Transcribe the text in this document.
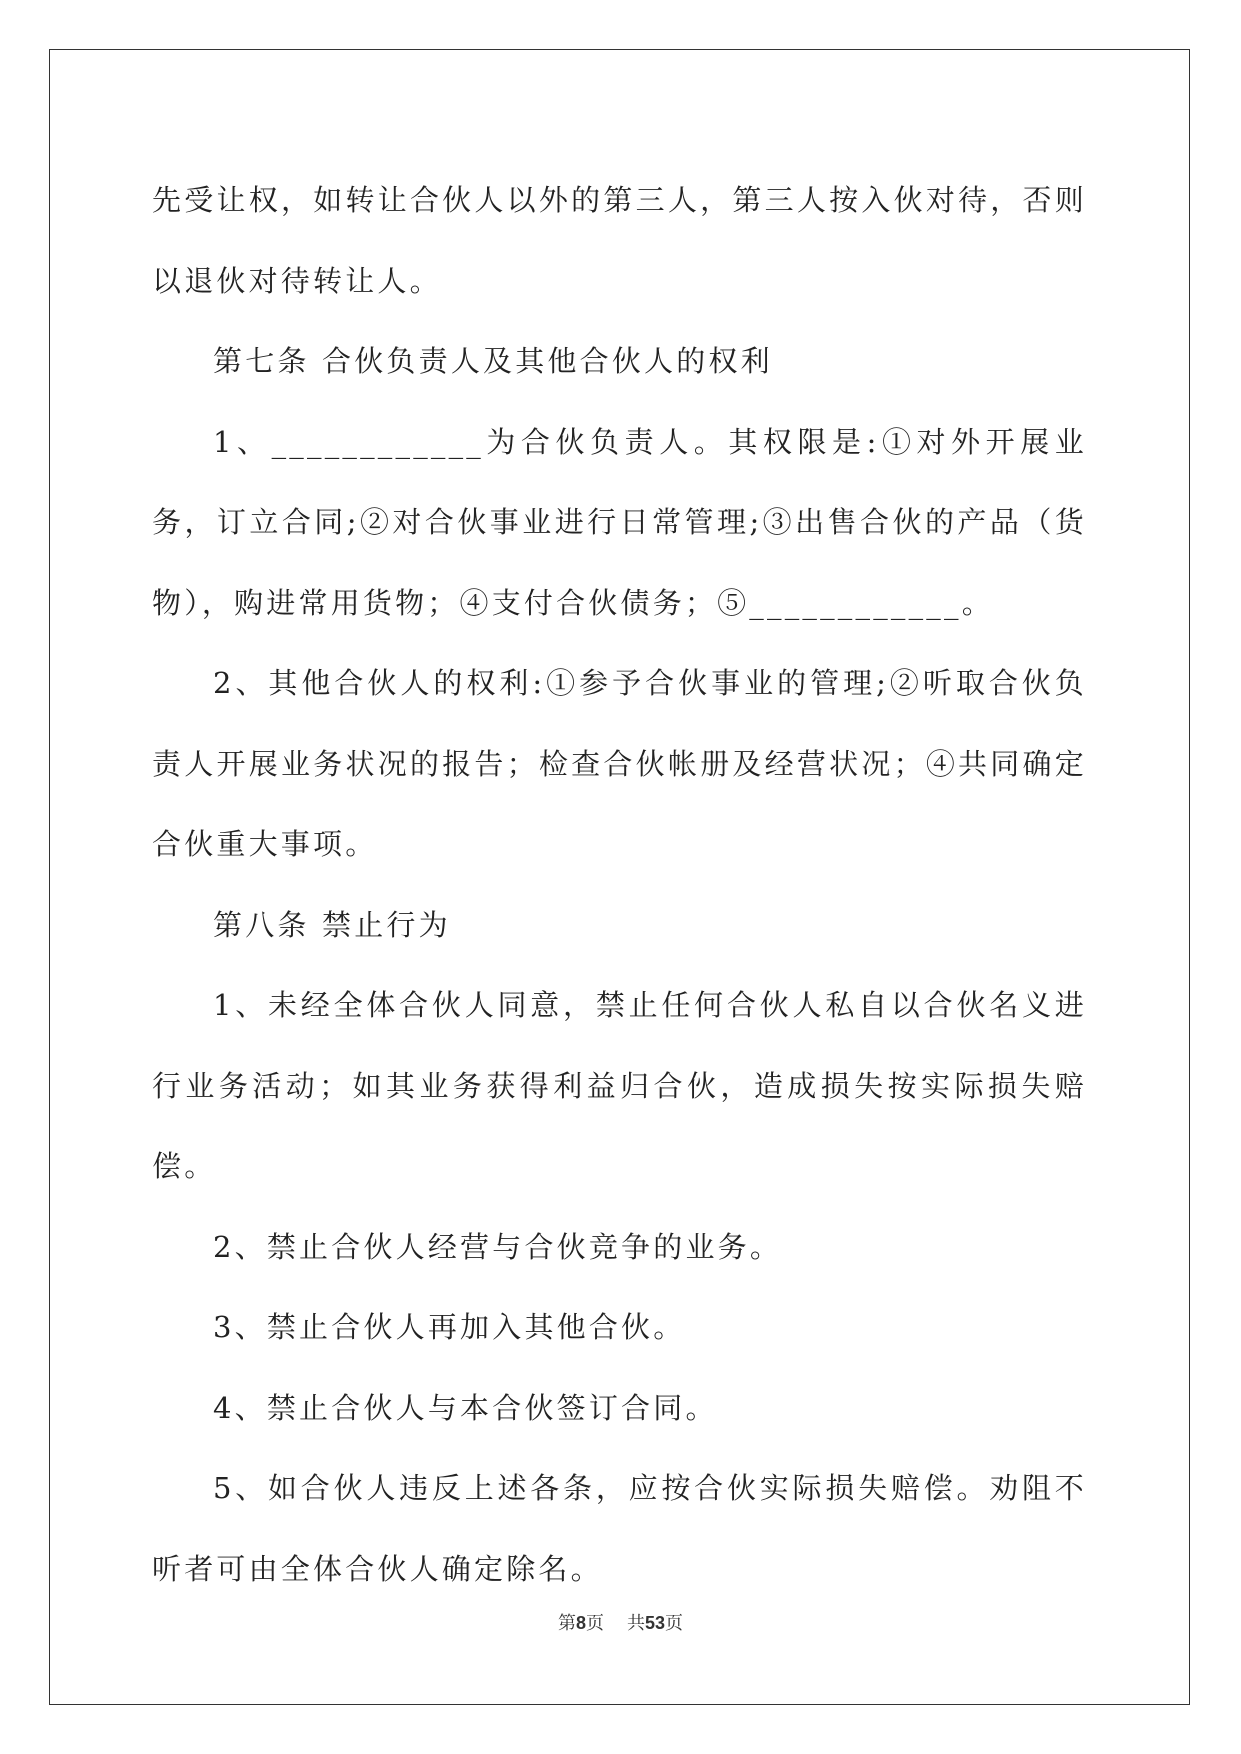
先受让权，如转让合伙人以外的第三人，第三人按入伙对待，否则以退伙对待转让人。

第七条 合伙负责人及其他合伙人的权利

1、____________为合伙负责人。其权限是:①对外开展业务，订立合同;②对合伙事业进行日常管理;③出售合伙的产品（货物），购进常用货物；④支付合伙债务；⑤____________。

2、其他合伙人的权利:①参予合伙事业的管理;②听取合伙负责人开展业务状况的报告；检查合伙帐册及经营状况；④共同确定合伙重大事项。

第八条 禁止行为

1、未经全体合伙人同意，禁止任何合伙人私自以合伙名义进行业务活动；如其业务获得利益归合伙，造成损失按实际损失赔偿。

2、禁止合伙人经营与合伙竞争的业务。

3、禁止合伙人再加入其他合伙。

4、禁止合伙人与本合伙签订合同。

5、如合伙人违反上述各条，应按合伙实际损失赔偿。劝阻不听者可由全体合伙人确定除名。

第8页 共53页
